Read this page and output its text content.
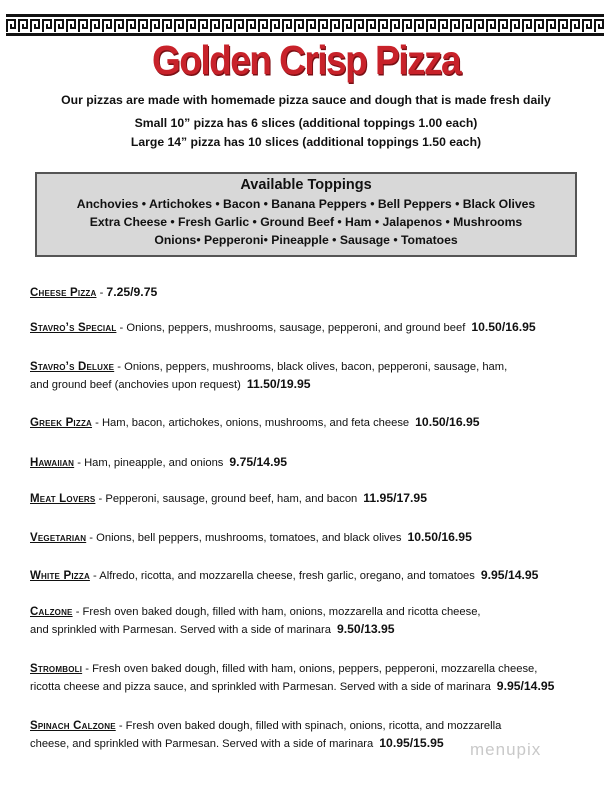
Golden Crisp Pizza
Our pizzas are made with homemade pizza sauce and dough that is made fresh daily
Small 10” pizza has 6 slices (additional toppings 1.00 each)
Large 14” pizza has 10 slices (additional toppings 1.50 each)
Available Toppings
Anchovies • Artichokes • Bacon • Banana Peppers • Bell Peppers • Black Olives
Extra Cheese • Fresh Garlic • Ground Beef • Ham • Jalapenos • Mushrooms
Onions• Pepperoni• Pineapple • Sausage • Tomatoes
Cheese Pizza - 7.25/9.75
Stavro’s Special - Onions, peppers, mushrooms, sausage, pepperoni, and ground beef 10.50/16.95
Stavro’s Deluxe - Onions, peppers, mushrooms, black olives, bacon, pepperoni, sausage, ham,
and ground beef (anchovies upon request) 11.50/19.95
Greek Pizza - Ham, bacon, artichokes, onions, mushrooms, and feta cheese 10.50/16.95
Hawaiian - Ham, pineapple, and onions 9.75/14.95
Meat Lovers - Pepperoni, sausage, ground beef, ham, and bacon 11.95/17.95
Vegetarian - Onions, bell peppers, mushrooms, tomatoes, and black olives 10.50/16.95
White Pizza - Alfredo, ricotta, and mozzarella cheese, fresh garlic, oregano, and tomatoes 9.95/14.95
Calzone - Fresh oven baked dough, filled with ham, onions, mozzarella and ricotta cheese,
and sprinkled with Parmesan. Served with a side of marinara 9.50/13.95
Stromboli - Fresh oven baked dough, filled with ham, onions, peppers, pepperoni, mozzarella cheese,
ricotta cheese and pizza sauce, and sprinkled with Parmesan. Served with a side of marinara 9.95/14.95
Spinach Calzone - Fresh oven baked dough, filled with spinach, onions, ricotta, and mozzarella
cheese, and sprinkled with Parmesan. Served with a side of marinara 10.95/15.95	menupix
